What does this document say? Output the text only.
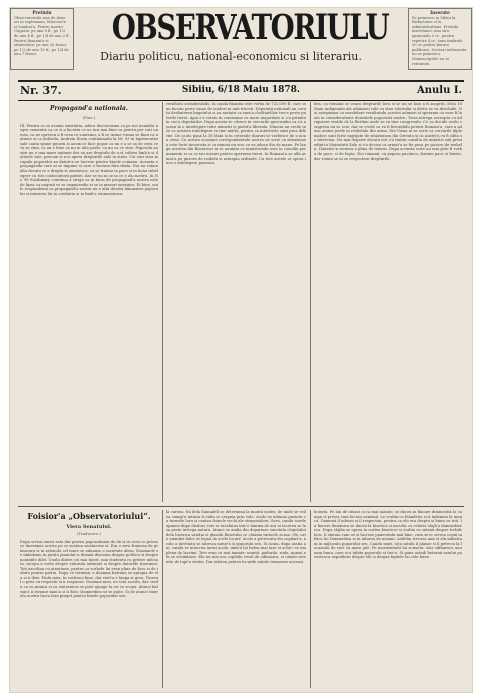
Pretiulu
Observatoriulu iese de doue ori in septemana, Miercuri'a si Sambat'a. Pentru Austro-Ungaria: pe anu 8 fl., pe 1/2 de anu 4 fl., pe 1/4 de anu 2 fl. Pentru Romani'a si strainetate: pe anu 25 franci, pe 1/2 de anu 13 fr., pe 1/4 de anu 7 franci.
Inserate
Se primescu in Sibiiu la Redactiune si la Administratiune. Pretiulu insertiunei: unu siru garmondu 5 cr., pentru repetire 4 cr., taxa timbrale 30 cr. pentru fiacare publicare. Scrisori nefrancate nu se primescu. Manuscriptele nu se retramitu.
OBSERVATORIULU
Diariu politicu, national-economicu si literariu.
Nr. 37.	Sibiiu, 6/18 Maiu 1878.	Anulu I.
Propagand'a nationala.
(Fine.)

III. Pentru ca se avemu existintia, adeca deceseramu ca pe noi nemultu negru sementie ca ce si a lucratu ce ne iesi mai bine ca pentru pre cari nu esta, ca ne oprescu a fi ceea ce suntemu, a fi ce insine voimu se fimu ca natiune si ca individu. Andreiu Rosiu continuandu la Nr. 93 in laptenentiei sale cauta spune pecatu si acum ce face popor ca nu e a se sa de ceea ce va se vina, ca nu e bine ca nu in alta parte, ca nu ca ce vine. Poporulu nostru nu e una mare natiune dar ea are dreptulu de a-si cultiva limb'a si datinele sale, precum si a-si apera drepturile sale in statu. Cei cari stau in capulu poporului au datori'a se lucreze pentru binele comunu. Aceasta e propaganda care ni se impune si care o facemu fara sfiala. Noi nu voimu alta decatu ce e dreptu si omenescu, ca se traimu in pace si in buna intielegere cu toti conlocuitorii patriei, dar se nu ni se ia ce e alu nostru. In Nr. 98 Szathmary continua a striga ca in facia de propagand'a nostra este de lipsa ca ungurii se se organisedie si se ia masuri energice. Ei bine, noi le respundemu ca propagand'a nostra nu e alta decatu luminarea poporului si intarirea lui in credintia si in limb'a stramosiesca.

resultatu considerabilu. In canda finantia este vorba de 721,000 fl. care se au facutu peste sume de scaderi in anii trecuti. Deputatii nationali au cerutu desbaterea bugetului si au aratatu ca sum'a cheltuielilor trece peste puterile tierei. Apoi s'a votatu in comisiune cu mare majoritate si s'a primitu in cas'a deputatilor. Dupa acesta se citesce in cercurile guvernului ca s'a ajunsu la o intielegere intre ministri si partit'a liberala. Nimeni nu crede inse ca aceasta intielegere va tine multu, pentru ca interesele sunt prea diferite. De acolo pana la 16 Maiu si in ceteralte diaruri se vorbesce de o noua crisa. Cu acesta ocasiune corespondentulu nostru ne scrie ca situatiunea este forte incurcata si ca nimeni nu scie ce va aduce dia de mane. Pe langa acestea din Bucuresci ni se anuntia ca ministeriulu este in consiliu permanentu si ca se iau mesuri pentru aperarea tierei. In Romani'a se afla armat'a pe picioru de resbelu si asteapta ordinele. Cu tote aceste se spera inca o intielegere pacinica.

dea, ca romanii se ceara drepturile loru si se nu se lase a fi asupriti. Dela 16 Maiu indigenatu ale adunarei sale ca stau vitoriului si diet'a se va deschide. Noi asteptamu cu nerabdare rezultatulu acestei adunari si speramu ca voru fi luate in consideratiune dorintiele poporului nostru. Tiera intrega asceapta cu infrigurare vestile de la Berlinu unde se va tine congresulu. Ce va decide acelu congresu nu se scie, dar se crede ca va fi favorabilu pentru Romani'a, care a adusu atatea jertfe in resbelulu din urma. Din Viena ni se scrie ca cercurile diplomatice sunt forte ingrijate de situatiunea din Orientu si ca Austri'a va fi silita se intervina. Nu mai departe decatu ieri s'a tinutu consiliu de ministri sub presiedinti'a Maiestatii Sale si s'a decisu ca armat'a se fie pusa pe picioru de resbelu. Diaristic'a vienesa e plina de temeri. Dupa aceasta scire nu mai pote fi vorba de pace, ci de lupta. Noi romanii, ca poporu pacinicu, dorimu pace si liniste, dar voimu se ni se respecteze drepturile.

Foisior'a „Observatoriului“.
Viera Senatului.
(Traducere.)

Dupa scrisa unora asta dar partea poporatiunei de da si in ceea ce privesce tinerimea acesta pe ce sustinu sustinerea ei. Era o sera frumosa de primavara si in salonulu cel mare se adunase o societate alesa. Doamnele se imbulziau in jurulu pianului si domnii discutau despre politica si despre noutatile dilei. Unulu dintre cei mai tineri, unu studentu cu privire infocata, incepu a vorbi despre viitorulu natiunei si despre datoriile tinerimei. Toti ascultau cu atentiune, pentru ca vorbele lui erau pline de focu si de iubire pentru patria. Dupa ce termina, o doamna batrana se apropia de elu si ii dise: Fiulu meu, tu vorbesci bine, dar vieti'a e lunga si grea. Tinerul o privi cu respectu si ii respunse: Doamna mea, eu sciu acesta, dar credu ca cu munca si cu statornicia se pote ajunge la ori ce scopu. Atunci batran'a ii stranse man'a si ii dise: Dumnedieu se te ajute. Si de atunci tinerulu nostru lucra fara preget pentru binele poporului seu.

la carnea. Ea dela Sannafelt se determina la muntii nostri, de unde se vedea campi'a intinsa si riulu ce serpuia prin vale. Acolo se adunau pastorii cu turmele loru si cantau doinele vechi ale stramosiloru. Sera, candu sorele apunea dupa dealuri, tote se invaluiau intr'o lumina de aur si tacerea se lasa peste intrega natura. Atunci se audia din departare sunetulu clopotului dela biserica satului si glasulu fluierului ce chiama turmele acasa. Oh, cate amintiri dulci se legau de acele locuri! Acolo a petrecutu elu copilari'a, acolo a invetiatu se iubesca natur'a si poporulu seu. Si acum, dupa atatia ani, candu se intorcea iarasi acolo, inim'a lui batea mai tare si ochii i se umpleau de lacrimi. Tote erau ca mai inainte: muntii, padurile, riulu, numai elu se schimbase. Elu nu mai era copilulu vesel de odinioara, ci omulu ostenitu de lupt'a vietiei. Dar iubirea pentru locurile natale remasese aceeasi.

boieriu. Pe lan de atunci ca si mai inainte, se ducea in fiacare dimineatia la campu si privea cum lucrau oamenii. Le vorbia cu blandetia si ii indemna la munca. Oamenii il iubeau si il respectau, pentru ca elu era dreptu si bunu cu toti. In fiacare duminica se ducea la biserica si asculta cu evlavie slujb'a dumnedieesca. Dupa slujba se oprea in curtea bisericei si vorbia cu satenii despre trebile loru. Ii sfatuia cum se-si lucreze pamentulu mai bine, cum se-si cresca copiii in frica lui Dumnedieu si in iubirea de neamu. Astfeliu trecura anii si elu imbatrani in mijloculu poporului seu. Candu muri, tota satulu il planse si il petrecu la locasiulu de veci cu mare jale. Pe mormentulu lui scrisera: Aici odihnesce unu omu bunu, care si-a iubitu poporulu si tier'a. Si pana astadi betranii satului povestescu nepotiloru despre elu si despre faptele lui cele bune.
